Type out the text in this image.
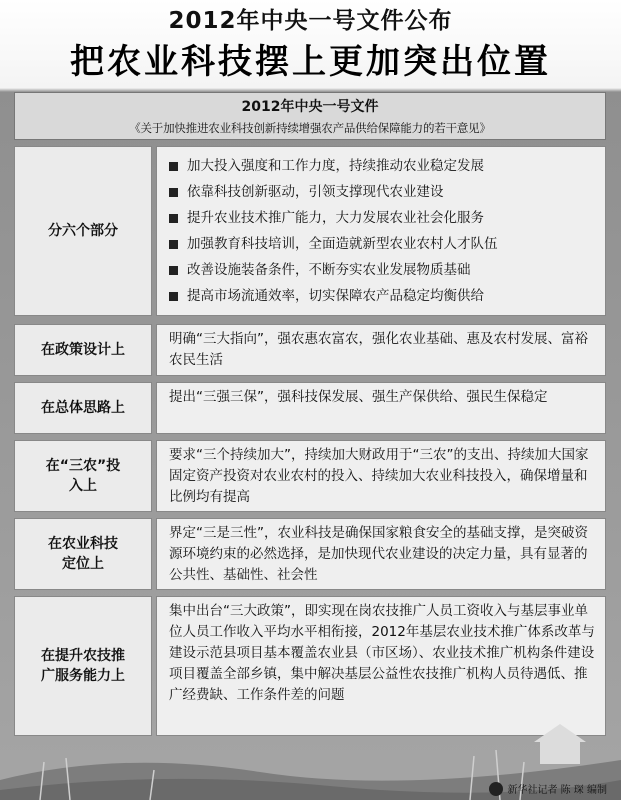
2012年中央一号文件公布
把农业科技摆上更加突出位置
2012年中央一号文件
《关于加快推进农业科技创新持续增强农产品供给保障能力的若干意见》
分六个部分
加大投入强度和工作力度，持续推动农业稳定发展
依靠科技创新驱动，引领支撑现代农业建设
提升农业技术推广能力，大力发展农业社会化服务
加强教育科技培训，全面造就新型农业农村人才队伍
改善设施装备条件，不断夯实农业发展物质基础
提高市场流通效率，切实保障农产品稳定均衡供给
在政策设计上
明确“三大指向”，强农惠农富农，强化农业基础、惠及农村发展、富裕农民生活
在总体思路上
提出“三强三保”，强科技保发展、强生产保供给、强民生保稳定
在“三农”投入上
要求“三个持续加大”，持续加大财政用于“三农”的支出、持续加大国家固定资产投资对农业农村的投入、持续加大农业科技投入，确保增量和比例均有提高
在农业科技定位上
界定“三是三性”，农业科技是确保国家粮食安全的基础支撑，是突破资源环境约束的必然选择，是加快现代农业建设的决定力量，具有显著的公共性、基础性、社会性
在提升农技推广服务能力上
集中出台“三大政策”，即实现在岗农技推广人员工资收入与基层事业单位人员工作收入平均水平相衔接，2012年基层农业技术推广体系改革与建设示范县项目基本覆盖农业县（市区场）、农业技术推广机构条件建设项目覆盖全部乡镇，集中解决基层公益性农技推广机构人员待遇低、推广经费缺、工作条件差的问题
新华社记者 陈 琛 编制
